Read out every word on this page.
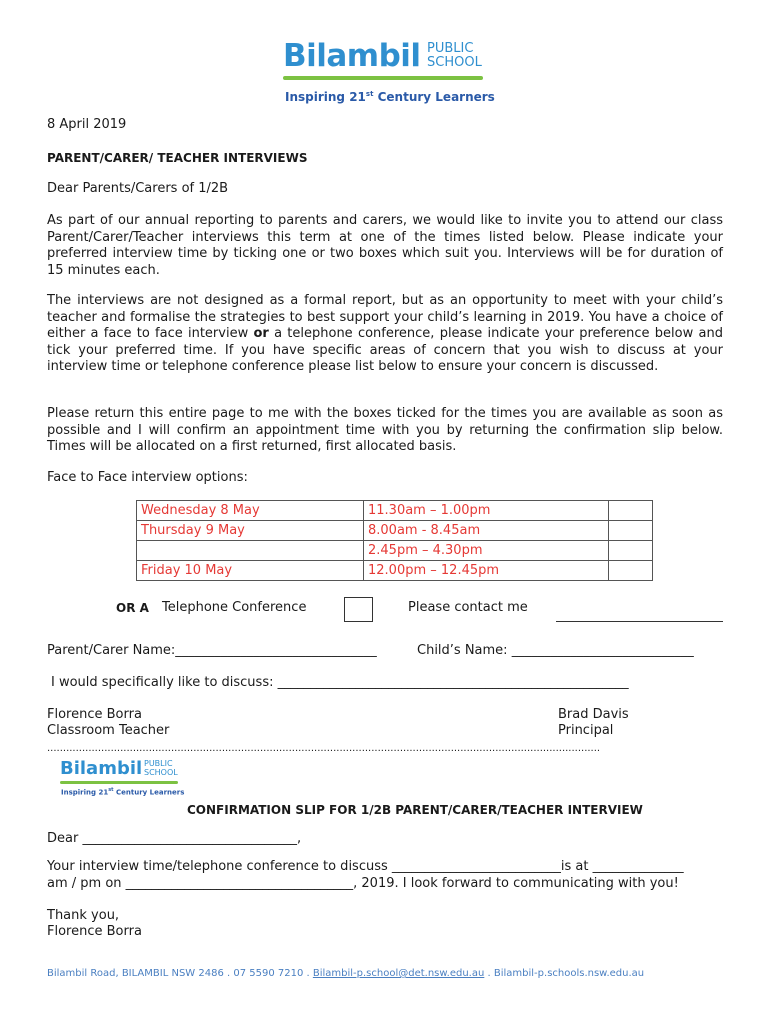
Bilambil PUBLIC
SCHOOL
Inspiring 21st Century Learners
8 April 2019
PARENT/CARER/ TEACHER INTERVIEWS
Dear Parents/Carers of 1/2B
As part of our annual reporting to parents and carers, we would like to invite you to attend our class Parent/Carer/Teacher interviews this term at one of the times listed below. Please indicate your preferred interview time by ticking one or two boxes which suit you. Interviews will be for duration of 15 minutes each.
The interviews are not designed as a formal report, but as an opportunity to meet with your child’s teacher and formalise the strategies to best support your child’s learning in 2019. You have a choice of either a face to face interview or a telephone conference, please indicate your preference below and tick your preferred time. If you have specific areas of concern that you wish to discuss at your interview time or telephone conference please list below to ensure your concern is discussed.
Please return this entire page to me with the boxes ticked for the times you are available as soon as possible and I will confirm an appointment time with you by returning the confirmation slip below. Times will be allocated on a first returned, first allocated basis.
Face to Face interview options:
Wednesday 8 May	11.30am – 1.00pm	
Thursday 9 May	8.00am - 8.45am	
	2.45pm – 4.30pm	
Friday 10 May	12.00pm – 12.45pm	
OR A Telephone Conference	Please contact me
Parent/Carer Name:_______________________________	Child’s Name: ____________________________
I would specifically like to discuss: ______________________________________________________
Florence Borra
Classroom Teacher
Brad Davis
Principal
..............................................................................................................................................................................
Bilambil PUBLIC
SCHOOL
Inspiring 21st Century Learners
CONFIRMATION SLIP FOR 1/2B PARENT/CARER/TEACHER INTERVIEW
Dear _________________________________,
Your interview time/telephone conference to discuss __________________________is at ______________
am / pm on ___________________________________, 2019. I look forward to communicating with you!
Thank you,
Florence Borra
Bilambil Road, BILAMBIL NSW 2486 . 07 5590 7210 . Bilambil-p.school@det.nsw.edu.au . Bilambil-p.schools.nsw.edu.au
